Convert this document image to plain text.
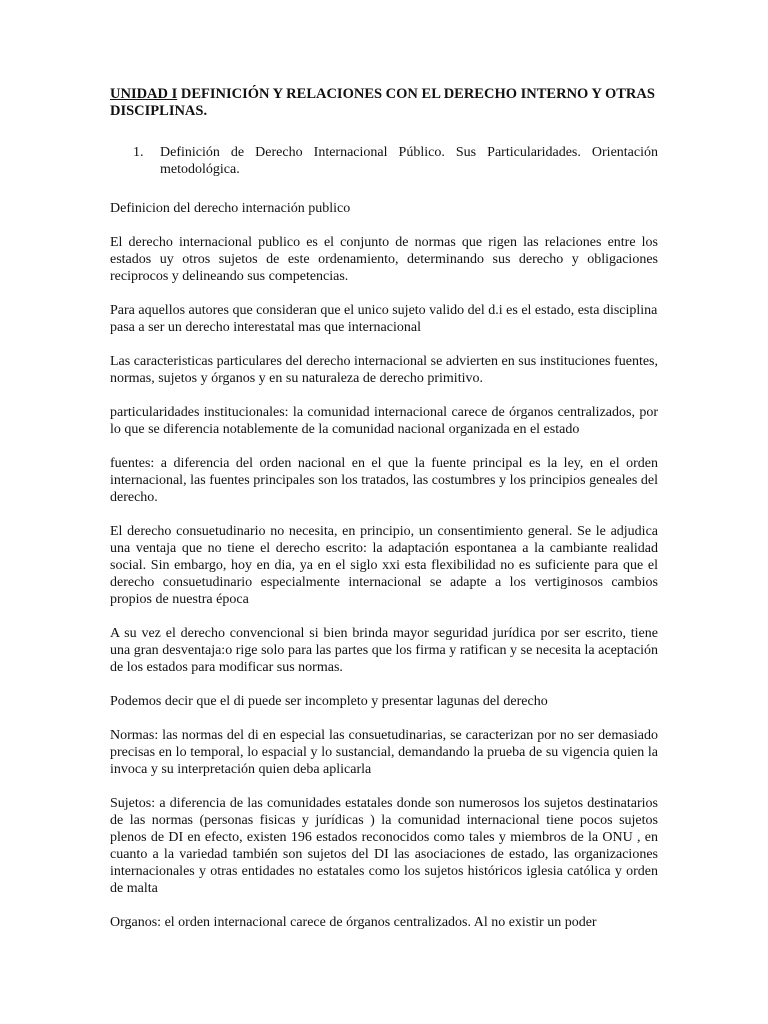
UNIDAD I DEFINICIÓN Y RELACIONES CON EL DERECHO INTERNO Y OTRAS DISCIPLINAS.
1.	Definición de Derecho Internacional Público. Sus Particularidades. Orientación metodológica.

Definicion del derecho internación publico

El derecho internacional publico es el conjunto de normas que rigen las relaciones entre los estados uy otros sujetos de este ordenamiento, determinando sus derecho y obligaciones reciprocos y delineando sus competencias.

Para aquellos autores que consideran que el unico sujeto valido del d.i es el estado, esta disciplina pasa a ser un derecho interestatal mas que internacional

Las caracteristicas particulares del derecho internacional se advierten en sus instituciones fuentes, normas, sujetos y órganos y en su naturaleza de derecho primitivo.

particularidades institucionales: la comunidad internacional carece de órganos centralizados, por lo que se diferencia notablemente de la comunidad nacional organizada en el estado

fuentes: a diferencia del orden nacional en el que la fuente principal es la ley, en el orden internacional, las fuentes principales son los tratados, las costumbres y los principios geneales del derecho.

El derecho consuetudinario no necesita, en principio, un consentimiento general. Se le adjudica una ventaja que no tiene el derecho escrito: la adaptación espontanea a la cambiante realidad social. Sin embargo, hoy en dia, ya en el siglo xxi esta flexibilidad no es suficiente para que el derecho consuetudinario especialmente internacional se adapte a los vertiginosos cambios propios de nuestra época

A su vez el derecho convencional si bien brinda mayor seguridad jurídica por ser escrito, tiene una gran desventaja:o rige solo para las partes que los firma y ratifican y se necesita la aceptación de los estados para modificar sus normas.

Podemos decir que el di puede ser incompleto y presentar lagunas del derecho

Normas: las normas del di en especial las consuetudinarias, se caracterizan por no ser demasiado precisas en lo temporal, lo espacial y lo sustancial, demandando la prueba de su vigencia quien la invoca y su interpretación quien deba aplicarla

Sujetos: a diferencia de las comunidades estatales donde son numerosos los sujetos destinatarios de las normas (personas fisicas y jurídicas ) la comunidad internacional tiene pocos sujetos plenos de DI en efecto, existen 196 estados reconocidos como tales y miembros de la ONU , en cuanto a la variedad también son sujetos del DI las asociaciones de estado, las organizaciones internacionales y otras entidades no estatales como los sujetos históricos iglesia católica y orden de malta

Organos: el orden internacional carece de órganos centralizados. Al no existir un poder
